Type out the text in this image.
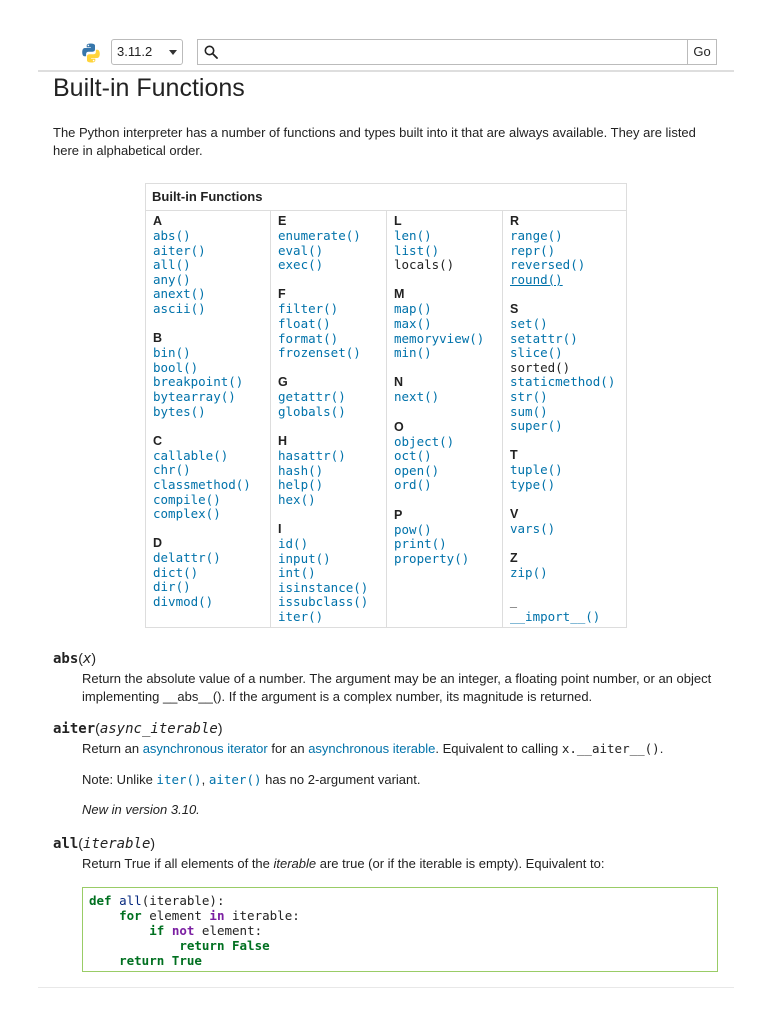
3.11.2	Go
Built-in Functions

The Python interpreter has a number of functions and types built into it that are always available. They are listed here in alphabetical order.

Built-in Functions
A
abs()
aiter()
all()
any()
anext()
ascii()
B
bin()
bool()
breakpoint()
bytearray()
bytes()
C
callable()
chr()
classmethod()
compile()
complex()
D
delattr()
dict()
dir()
divmod()
E
enumerate()
eval()
exec()
F
filter()
float()
format()
frozenset()
G
getattr()
globals()
H
hasattr()
hash()
help()
hex()
I
id()
input()
int()
isinstance()
issubclass()
iter()
L
len()
list()
locals()
M
map()
max()
memoryview()
min()
N
next()
O
object()
oct()
open()
ord()
P
pow()
print()
property()
R
range()
repr()
reversed()
round()
S
set()
setattr()
slice()
sorted()
staticmethod()
str()
sum()
super()
T
tuple()
type()
V
vars()
Z
zip()
_
__import__()
abs(x)

Return the absolute value of a number. The argument may be an integer, a floating point number, or an object implementing __abs__(). If the argument is a complex number, its magnitude is returned.

aiter(async_iterable)

Return an asynchronous iterator for an asynchronous iterable. Equivalent to calling x.__aiter__().

Note: Unlike iter(), aiter() has no 2-argument variant.

New in version 3.10.

all(iterable)

Return True if all elements of the iterable are true (or if the iterable is empty). Equivalent to:

def all(iterable):
for element in iterable:
if not element:
return False
return True
